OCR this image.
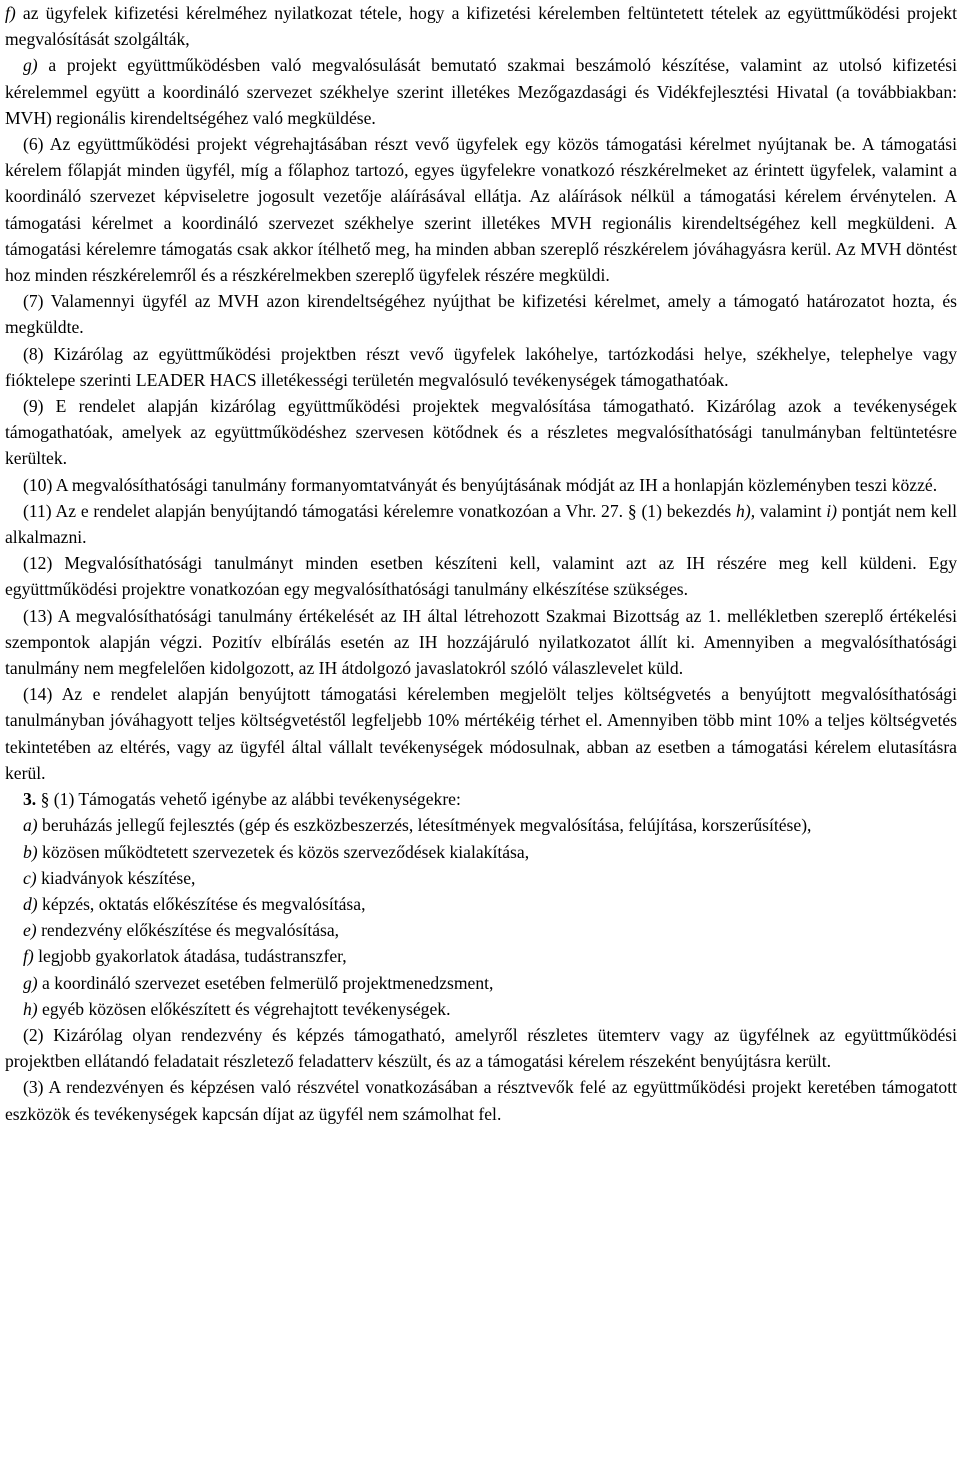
f) az ügyfelek kifizetési kérelméhez nyilatkozat tétele, hogy a kifizetési kérelemben feltüntetett tételek az együttműködési projekt megvalósítását szolgálták,

g) a projekt együttműködésben való megvalósulását bemutató szakmai beszámoló készítése, valamint az utolsó kifizetési kérelemmel együtt a koordináló szervezet székhelye szerint illetékes Mezőgazdasági és Vidékfejlesztési Hivatal (a továbbiakban: MVH) regionális kirendeltségéhez való megküldése.

(6) Az együttműködési projekt végrehajtásában részt vevő ügyfelek egy közös támogatási kérelmet nyújtanak be. A támogatási kérelem főlapját minden ügyfél, míg a főlaphoz tartozó, egyes ügyfelekre vonatkozó részkérelmeket az érintett ügyfelek, valamint a koordináló szervezet képviseletre jogosult vezetője aláírásával ellátja. Az aláírások nélkül a támogatási kérelem érvénytelen. A támogatási kérelmet a koordináló szervezet székhelye szerint illetékes MVH regionális kirendeltségéhez kell megküldeni. A támogatási kérelemre támogatás csak akkor ítélhető meg, ha minden abban szereplő részkérelem jóváhagyásra kerül. Az MVH döntést hoz minden részkérelemről és a részkérelmekben szereplő ügyfelek részére megküldi.

(7) Valamennyi ügyfél az MVH azon kirendeltségéhez nyújthat be kifizetési kérelmet, amely a támogató határozatot hozta, és megküldte.

(8) Kizárólag az együttműködési projektben részt vevő ügyfelek lakóhelye, tartózkodási helye, székhelye, telephelye vagy fióktelepe szerinti LEADER HACS illetékességi területén megvalósuló tevékenységek támogathatóak.

(9) E rendelet alapján kizárólag együttműködési projektek megvalósítása támogatható. Kizárólag azok a tevékenységek támogathatóak, amelyek az együttműködéshez szervesen kötődnek és a részletes megvalósíthatósági tanulmányban feltüntetésre kerültek.

(10) A megvalósíthatósági tanulmány formanyomtatványát és benyújtásának módját az IH a honlapján közleményben teszi közzé.

(11) Az e rendelet alapján benyújtandó támogatási kérelemre vonatkozóan a Vhr. 27. § (1) bekezdés h), valamint i) pontját nem kell alkalmazni.

(12) Megvalósíthatósági tanulmányt minden esetben készíteni kell, valamint azt az IH részére meg kell küldeni. Egy együttműködési projektre vonatkozóan egy megvalósíthatósági tanulmány elkészítése szükséges.

(13) A megvalósíthatósági tanulmány értékelését az IH által létrehozott Szakmai Bizottság az 1. mellékletben szereplő értékelési szempontok alapján végzi. Pozitív elbírálás esetén az IH hozzájáruló nyilatkozatot állít ki. Amennyiben a megvalósíthatósági tanulmány nem megfelelően kidolgozott, az IH átdolgozó javaslatokról szóló válaszlevelet küld.

(14) Az e rendelet alapján benyújtott támogatási kérelemben megjelölt teljes költségvetés a benyújtott megvalósíthatósági tanulmányban jóváhagyott teljes költségvetéstől legfeljebb 10% mértékéig térhet el. Amennyiben több mint 10% a teljes költségvetés tekintetében az eltérés, vagy az ügyfél által vállalt tevékenységek módosulnak, abban az esetben a támogatási kérelem elutasításra kerül.

3. § (1) Támogatás vehető igénybe az alábbi tevékenységekre:

a) beruházás jellegű fejlesztés (gép és eszközbeszerzés, létesítmények megvalósítása, felújítása, korszerűsítése),

b) közösen működtetett szervezetek és közös szerveződések kialakítása,

c) kiadványok készítése,

d) képzés, oktatás előkészítése és megvalósítása,

e) rendezvény előkészítése és megvalósítása,

f) legjobb gyakorlatok átadása, tudástranszfer,

g) a koordináló szervezet esetében felmerülő projektmenedzsment,

h) egyéb közösen előkészített és végrehajtott tevékenységek.

(2) Kizárólag olyan rendezvény és képzés támogatható, amelyről részletes ütemterv vagy az ügyfélnek az együttműködési projektben ellátandó feladatait részletező feladatterv készült, és az a támogatási kérelem részeként benyújtásra került.

(3) A rendezvényen és képzésen való részvétel vonatkozásában a résztvevők felé az együttműködési projekt keretében támogatott eszközök és tevékenységek kapcsán díjat az ügyfél nem számolhat fel.
